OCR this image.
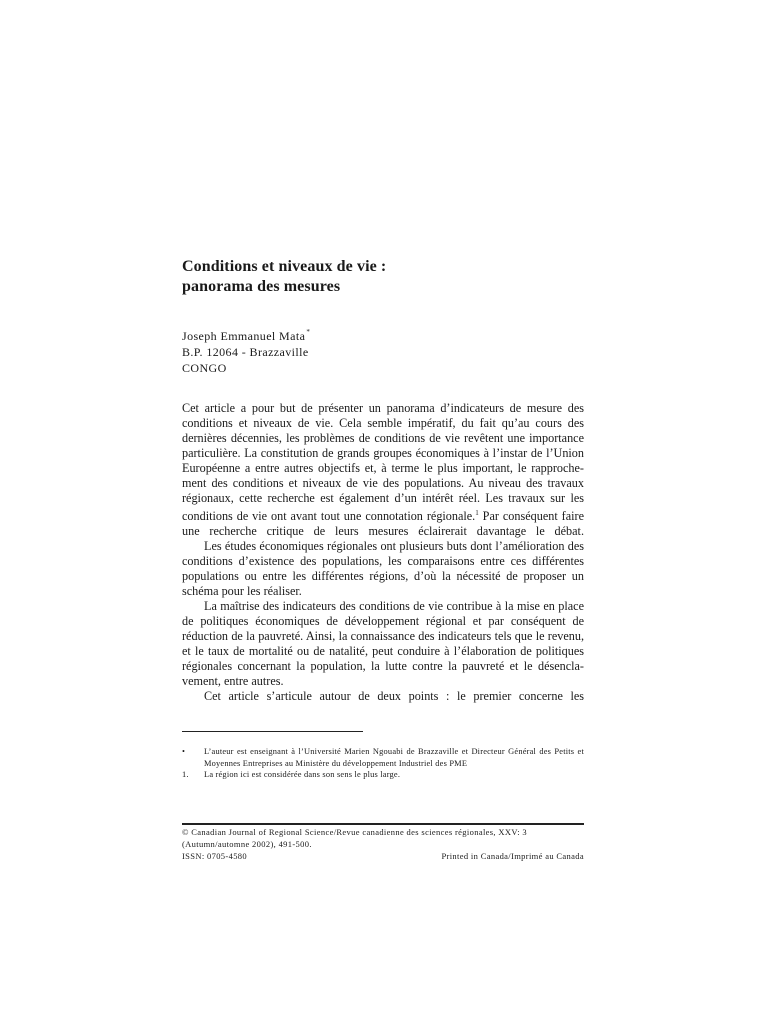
Conditions et niveaux de vie :
panorama des mesures
Joseph Emmanuel Mata*
B.P. 12064 - Brazzaville
CONGO

Cet article a pour but de présenter un panorama d’indicateurs de mesure des conditions et niveaux de vie. Cela semble impératif, du fait qu’au cours des dernières décennies, les problèmes de conditions de vie revêtent une importance particulière. La constitution de grands groupes économiques à l’instar de l’Union Européenne a entre autres objectifs et, à terme le plus important, le rapproche-ment des conditions et niveaux de vie des populations. Au niveau des travaux régionaux, cette recherche est également d’un intérêt réel. Les travaux sur les conditions de vie ont avant tout une connotation régionale.$^1$ Par conséquent faire une recherche critique de leurs mesures éclairerait davantage le débat.

Les études économiques régionales ont plusieurs buts dont l’amélioration des conditions d’existence des populations, les comparaisons entre ces différentes populations ou entre les différentes régions, d’où la nécessité de proposer un schéma pour les réaliser.

La maîtrise des indicateurs des conditions de vie contribue à la mise en place de politiques économiques de développement régional et par conséquent de réduction de la pauvreté. Ainsi, la connaissance des indicateurs tels que le revenu, et le taux de mortalité ou de natalité, peut conduire à l’élaboration de politiques régionales concernant la population, la lutte contre la pauvreté et le désencla-vement, entre autres.

Cet article s’articule autour de deux points : le premier concerne les

• L’auteur est enseignant à l’Université Marien Ngouabi de Brazzaville et Directeur Général des Petits et Moyennes Entreprises au Ministère du développement Industriel des PME
1. La région ici est considérée dans son sens le plus large.
© Canadian Journal of Regional Science/Revue canadienne des sciences régionales, XXV: 3
(Autumn/automne 2002), 491-500.
ISSN: 0705-4580	Printed in Canada/Imprimé au Canada
